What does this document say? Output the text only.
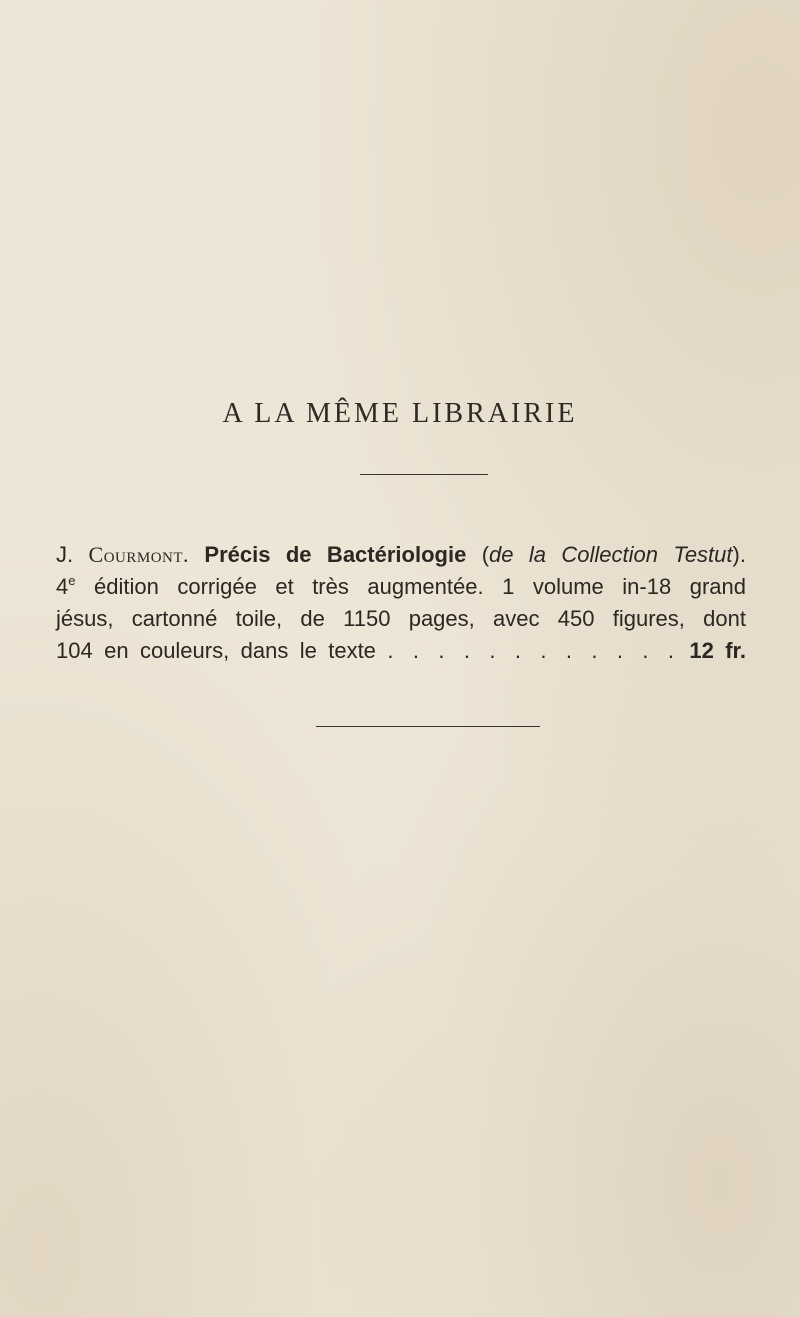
A LA MÊME LIBRAIRIE
J. Courmont. Précis de Bactériologie (de la Collection Testut).
4e édition corrigée et très augmentée. 1 volume in-18 grand
jésus, cartonné toile, de 1150 pages, avec 450 figures, dont
104 en couleurs, dans le texte . . . . . . . . . . . . 12 fr.
